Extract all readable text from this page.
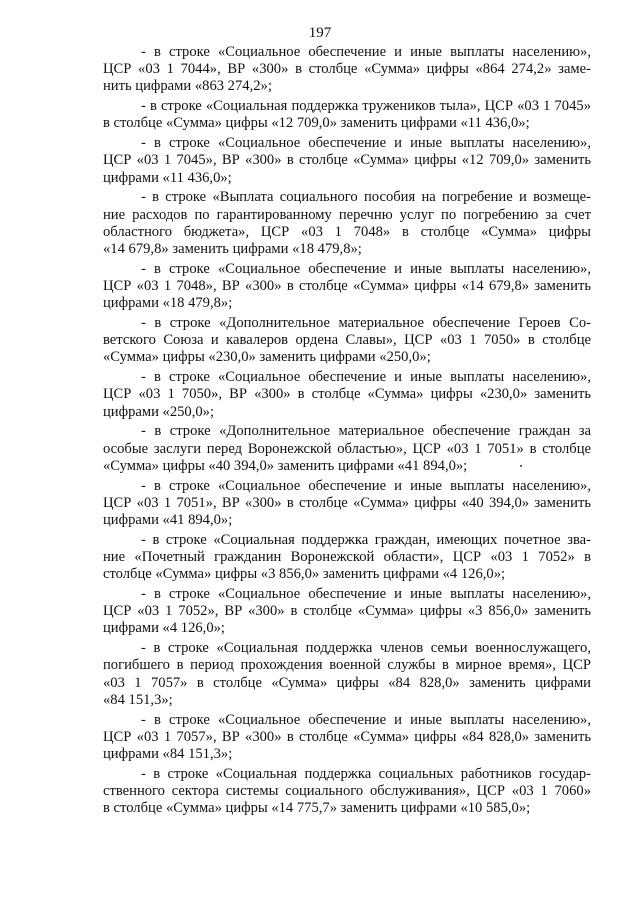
197
- в строке «Социальное обеспечение и иные выплаты населению»,
ЦСР «03 1 7044», ВР «300» в столбце «Сумма» цифры «864 274,2» заме-
нить цифрами «863 274,2»;
- в строке «Социальная поддержка тружеников тыла», ЦСР «03 1 7045»
в столбце «Сумма» цифры «12 709,0» заменить цифрами «11 436,0»;
- в строке «Социальное обеспечение и иные выплаты населению»,
ЦСР «03 1 7045», ВР «300» в столбце «Сумма» цифры «12 709,0» заменить
цифрами «11 436,0»;
- в строке «Выплата социального пособия на погребение и возмеще-
ние расходов по гарантированному перечню услуг по погребению за счет
областного бюджета», ЦСР «03 1 7048» в столбце «Сумма» цифры
«14 679,8» заменить цифрами «18 479,8»;
- в строке «Социальное обеспечение и иные выплаты населению»,
ЦСР «03 1 7048», ВР «300» в столбце «Сумма» цифры «14 679,8» заменить
цифрами «18 479,8»;
- в строке «Дополнительное материальное обеспечение Героев Со-
ветского Союза и кавалеров ордена Славы», ЦСР «03 1 7050» в столбце
«Сумма» цифры «230,0» заменить цифрами «250,0»;
- в строке «Социальное обеспечение и иные выплаты населению»,
ЦСР «03 1 7050», ВР «300» в столбце «Сумма» цифры «230,0» заменить
цифрами «250,0»;
- в строке «Дополнительное материальное обеспечение граждан за
особые заслуги перед Воронежской областью», ЦСР «03 1 7051» в столбце
«Сумма» цифры «40 394,0» заменить цифрами «41 894,0»;
- в строке «Социальное обеспечение и иные выплаты населению»,
ЦСР «03 1 7051», ВР «300» в столбце «Сумма» цифры «40 394,0» заменить
цифрами «41 894,0»;
- в строке «Социальная поддержка граждан, имеющих почетное зва-
ние «Почетный гражданин Воронежской области», ЦСР «03 1 7052» в
столбце «Сумма» цифры «3 856,0» заменить цифрами «4 126,0»;
- в строке «Социальное обеспечение и иные выплаты населению»,
ЦСР «03 1 7052», ВР «300» в столбце «Сумма» цифры «3 856,0» заменить
цифрами «4 126,0»;
- в строке «Социальная поддержка членов семьи военнослужащего,
погибшего в период прохождения военной службы в мирное время», ЦСР
«03 1 7057» в столбце «Сумма» цифры «84 828,0» заменить цифрами
«84 151,3»;
- в строке «Социальное обеспечение и иные выплаты населению»,
ЦСР «03 1 7057», ВР «300» в столбце «Сумма» цифры «84 828,0» заменить
цифрами «84 151,3»;
- в строке «Социальная поддержка социальных работников государ-
ственного сектора системы социального обслуживания», ЦСР «03 1 7060»
в столбце «Сумма» цифры «14 775,7» заменить цифрами «10 585,0»;
